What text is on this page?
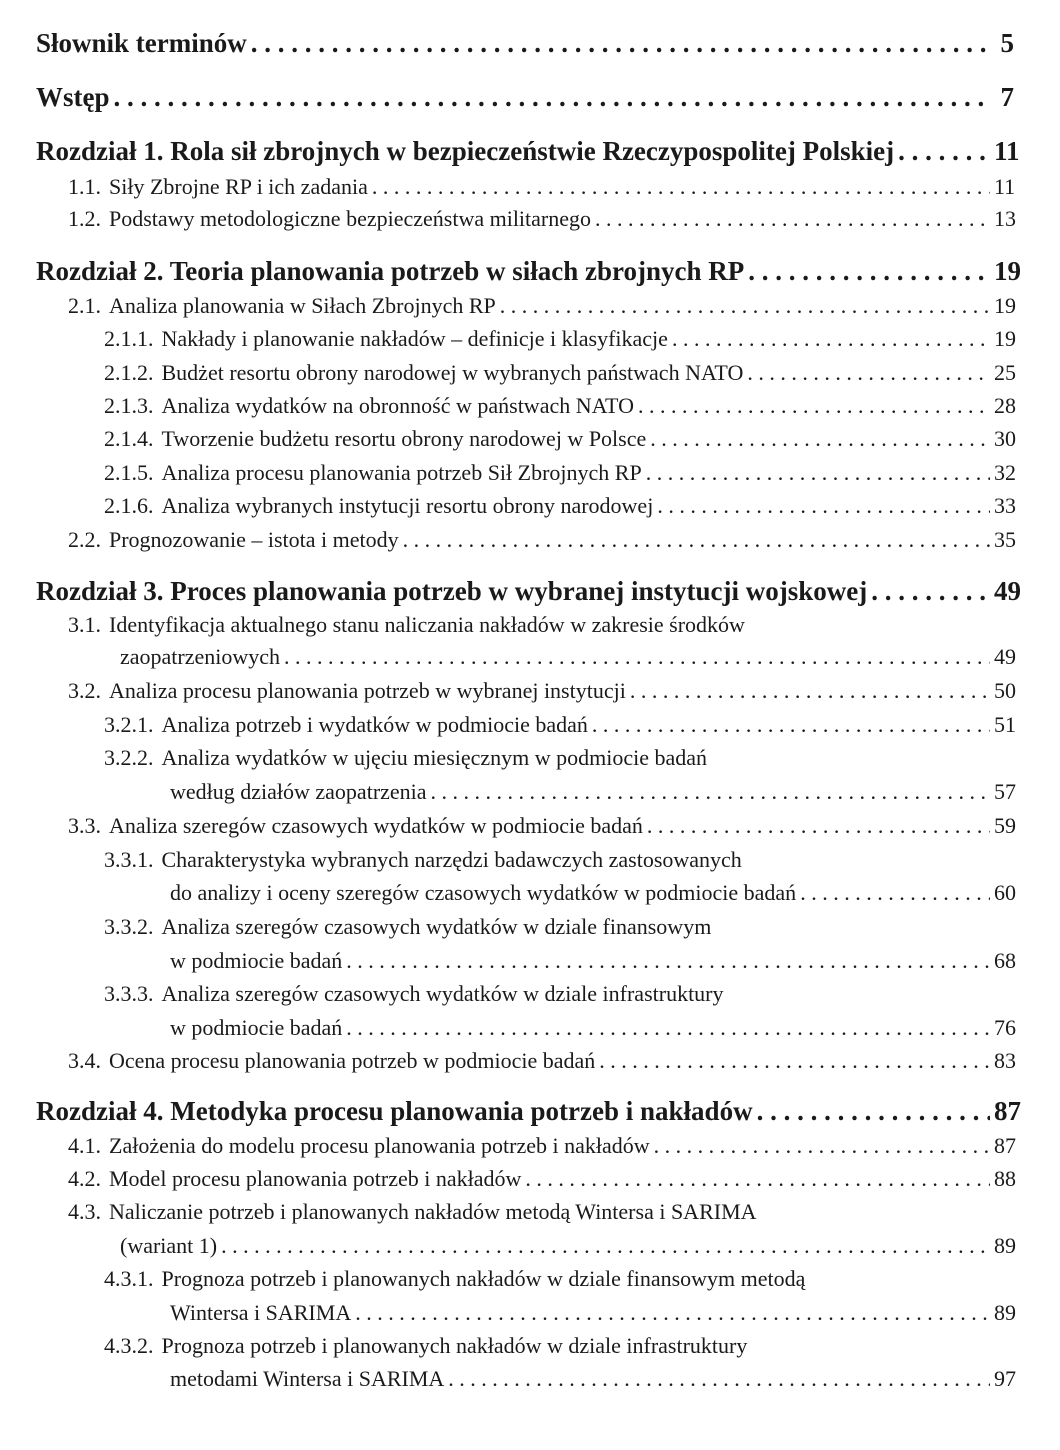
Słownik terminów . . .	5
Wstęp . . .	7
Rozdział 1. Rola sił zbrojnych w bezpieczeństwie Rzeczypospolitej Polskiej . . .	11
1.1. Siły Zbrojne RP i ich zadania . . .	11
1.2. Podstawy metodologiczne bezpieczeństwa militarnego . . .	13
Rozdział 2. Teoria planowania potrzeb w siłach zbrojnych RP . . .	19
2.1. Analiza planowania w Siłach Zbrojnych RP . . .	19
2.1.1. Nakłady i planowanie nakładów – definicje i klasyfikacje . . .	19
2.1.2. Budżet resortu obrony narodowej w wybranych państwach NATO . . .	25
2.1.3. Analiza wydatków na obronność w państwach NATO . . .	28
2.1.4. Tworzenie budżetu resortu obrony narodowej w Polsce . . .	30
2.1.5. Analiza procesu planowania potrzeb Sił Zbrojnych RP . . .	32
2.1.6. Analiza wybranych instytucji resortu obrony narodowej . . .	33
2.2. Prognozowanie – istota i metody . . .	35
Rozdział 3. Proces planowania potrzeb w wybranej instytucji wojskowej . . .	49
3.1. Identyfikacja aktualnego stanu naliczania nakładów w zakresie środków
zaopatrzeniowych . . .	49
3.2. Analiza procesu planowania potrzeb w wybranej instytucji . . .	50
3.2.1. Analiza potrzeb i wydatków w podmiocie badań . . .	51
3.2.2. Analiza wydatków w ujęciu miesięcznym w podmiocie badań
według działów zaopatrzenia . . .	57
3.3. Analiza szeregów czasowych wydatków w podmiocie badań . . .	59
3.3.1. Charakterystyka wybranych narzędzi badawczych zastosowanych
do analizy i oceny szeregów czasowych wydatków w podmiocie badań . . .	60
3.3.2. Analiza szeregów czasowych wydatków w dziale finansowym
w podmiocie badań . . .	68
3.3.3. Analiza szeregów czasowych wydatków w dziale infrastruktury
w podmiocie badań . . .	76
3.4. Ocena procesu planowania potrzeb w podmiocie badań . . .	83
Rozdział 4. Metodyka procesu planowania potrzeb i nakładów . . .	87
4.1. Założenia do modelu procesu planowania potrzeb i nakładów . . .	87
4.2. Model procesu planowania potrzeb i nakładów . . .	88
4.3. Naliczanie potrzeb i planowanych nakładów metodą Wintersa i SARIMA
(wariant 1) . . .	89
4.3.1. Prognoza potrzeb i planowanych nakładów w dziale finansowym metodą
Wintersa i SARIMA . . .	89
4.3.2. Prognoza potrzeb i planowanych nakładów w dziale infrastruktury
metodami Wintersa i SARIMA . . .	97
